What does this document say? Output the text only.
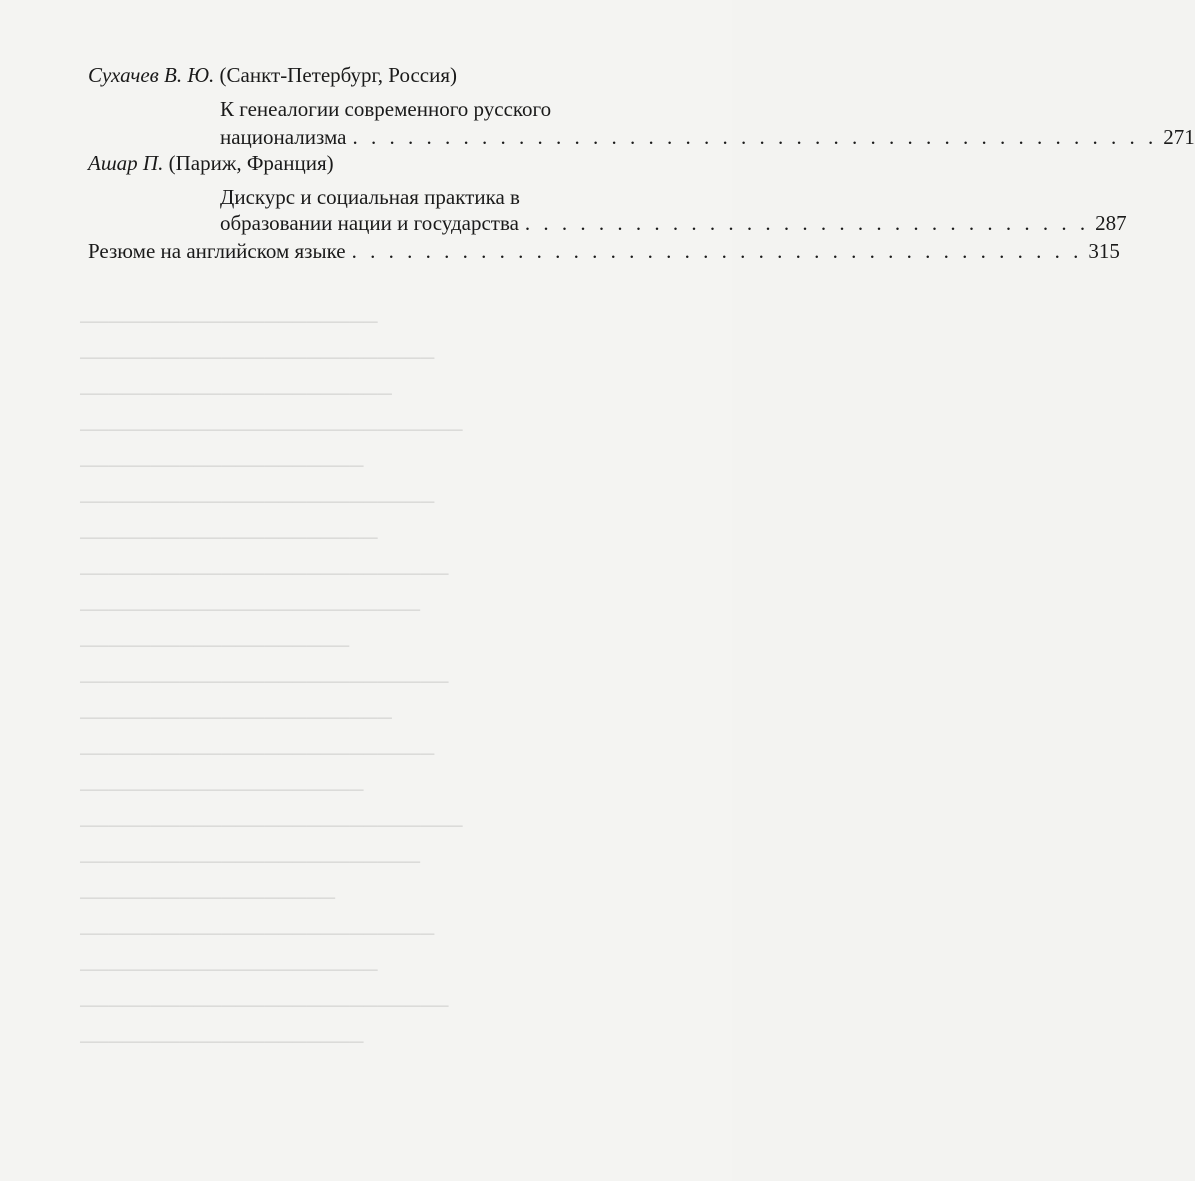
────────────────────
──────────────────────────
─────────────────────
─────────────────────────
──────────────────
────────────────────────
───────────────────────────
────────────────────
─────────────────────────
──────────────────────
──────────────────────────
───────────────────
────────────────────────
──────────────────────────
─────────────────────
─────────────────────────
────────────────────
───────────────────────────
──────────────────────
─────────────────────────
─────────────────────
Сухачев В. Ю. (Санкт-Петербург, Россия)
К генеалогии современного русского
национализма . . . . . . . . . . . . . . . . . . . . . . . . . . . . . . . . . . . . . . . . . . . . 271
Ашар П. (Париж, Франция)
Дискурс и социальная практика в
образовании нации и государства . . . . . . . . . . . . . . . . . . . . . . . . . . . . . . . 287
Резюме на английском языке . . . . . . . . . . . . . . . . . . . . . . . . . . . . . . . . . . . . . . . . 315
